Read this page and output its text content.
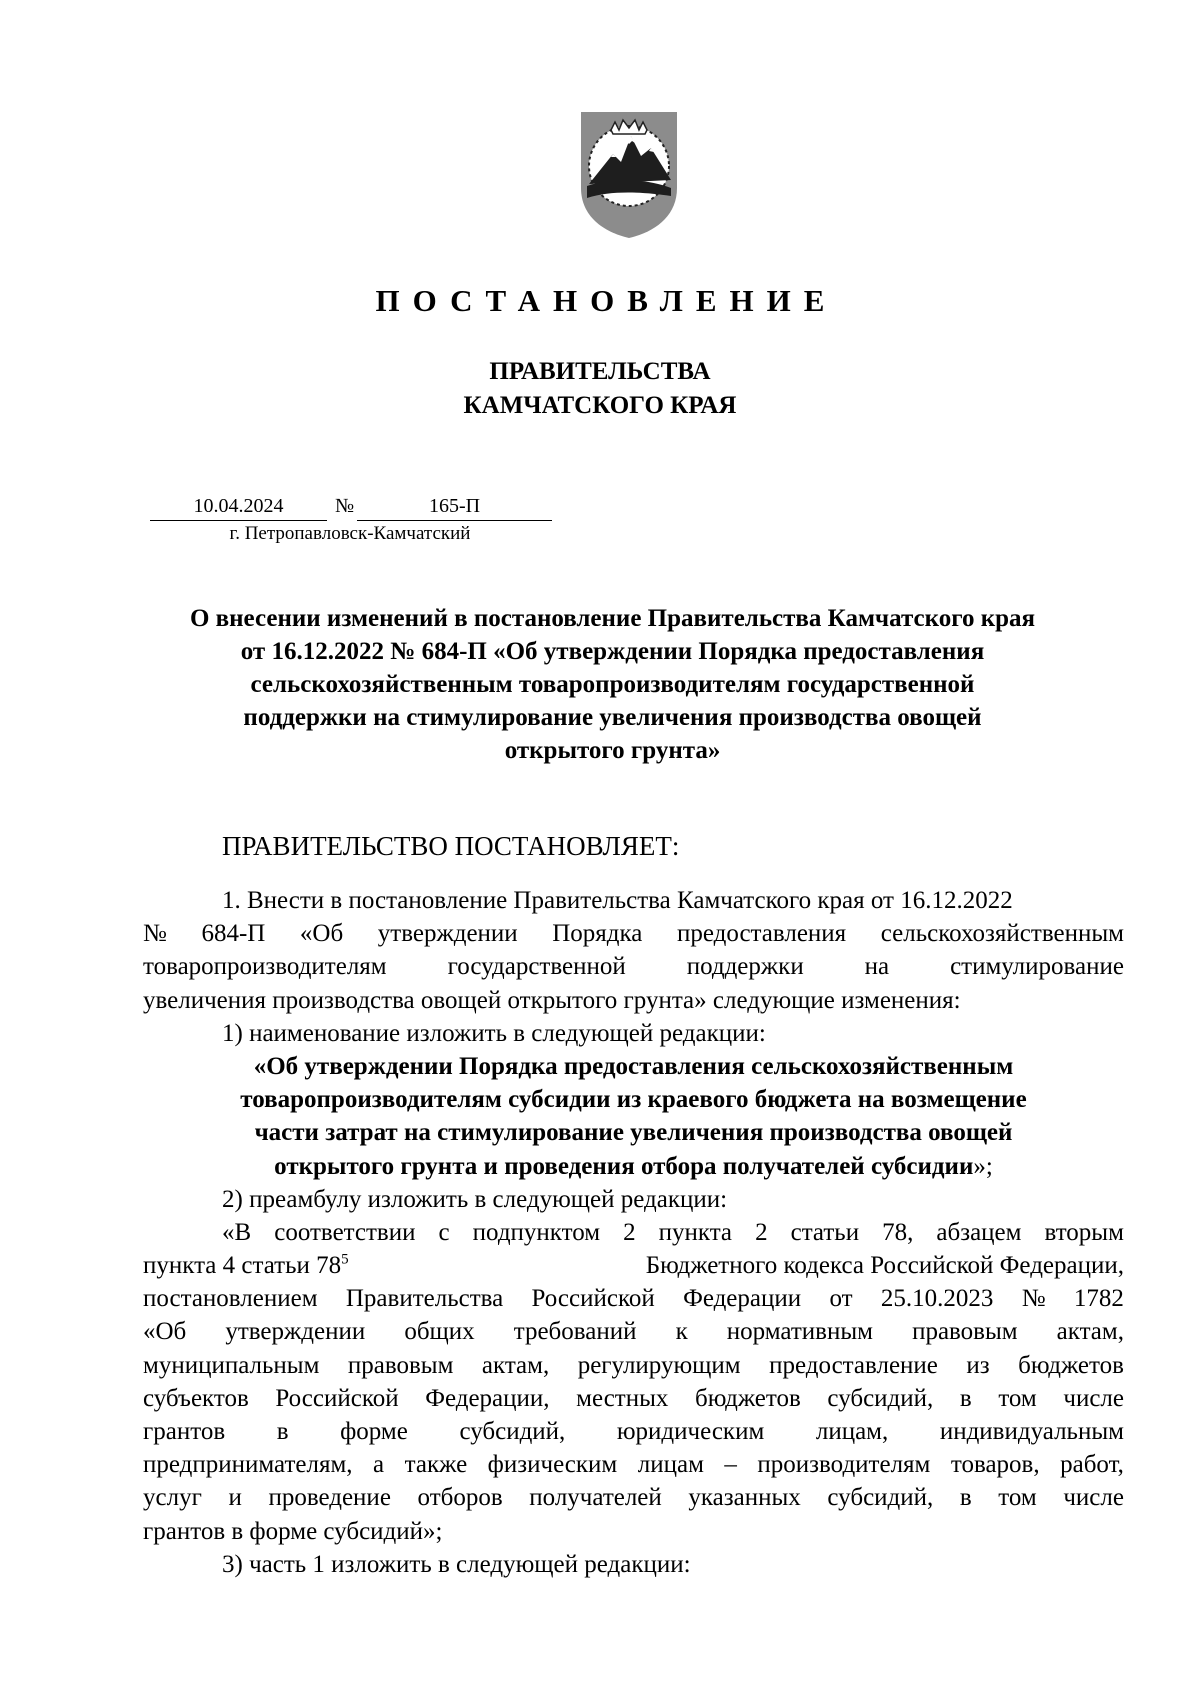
ПОСТАНОВЛЕНИЕ
ПРАВИТЕЛЬСТВА
КАМЧАТСКОГО КРАЯ
10.04.2024	№	165-П
г. Петропавловск-Камчатский
О внесении изменений в постановление Правительства Камчатского края
от 16.12.2022 № 684-П «Об утверждении Порядка предоставления
сельскохозяйственным товаропроизводителям государственной
поддержки на стимулирование увеличения производства овощей
открытого грунта»
ПРАВИТЕЛЬСТВО ПОСТАНОВЛЯЕТ:
1. Внести в постановление Правительства Камчатского края от 16.12.2022
№ 684-П «Об утверждении Порядка предоставления сельскохозяйственным
товаропроизводителям государственной поддержки на стимулирование
увеличения производства овощей открытого грунта» следующие изменения:
1) наименование изложить в следующей редакции:
«Об утверждении Порядка предоставления сельскохозяйственным
товаропроизводителям субсидии из краевого бюджета на возмещение
части затрат на стимулирование увеличения производства овощей
открытого грунта и проведения отбора получателей субсидии»;
2) преамбулу изложить в следующей редакции:
«В соответствии с подпунктом 2 пункта 2 статьи 78, абзацем вторым
пункта 4 статьи $78^5$	Бюджетного кодекса Российской Федерации,
постановлением Правительства Российской Федерации от 25.10.2023 № 1782
«Об утверждении общих требований к нормативным правовым актам,
муниципальным правовым актам, регулирующим предоставление из бюджетов
субъектов Российской Федерации, местных бюджетов субсидий, в том числе
грантов в форме субсидий, юридическим лицам, индивидуальным
предпринимателям, а также физическим лицам – производителям товаров, работ,
услуг и проведение отборов получателей указанных субсидий, в том числе
грантов в форме субсидий»;
3) часть 1 изложить в следующей редакции:
